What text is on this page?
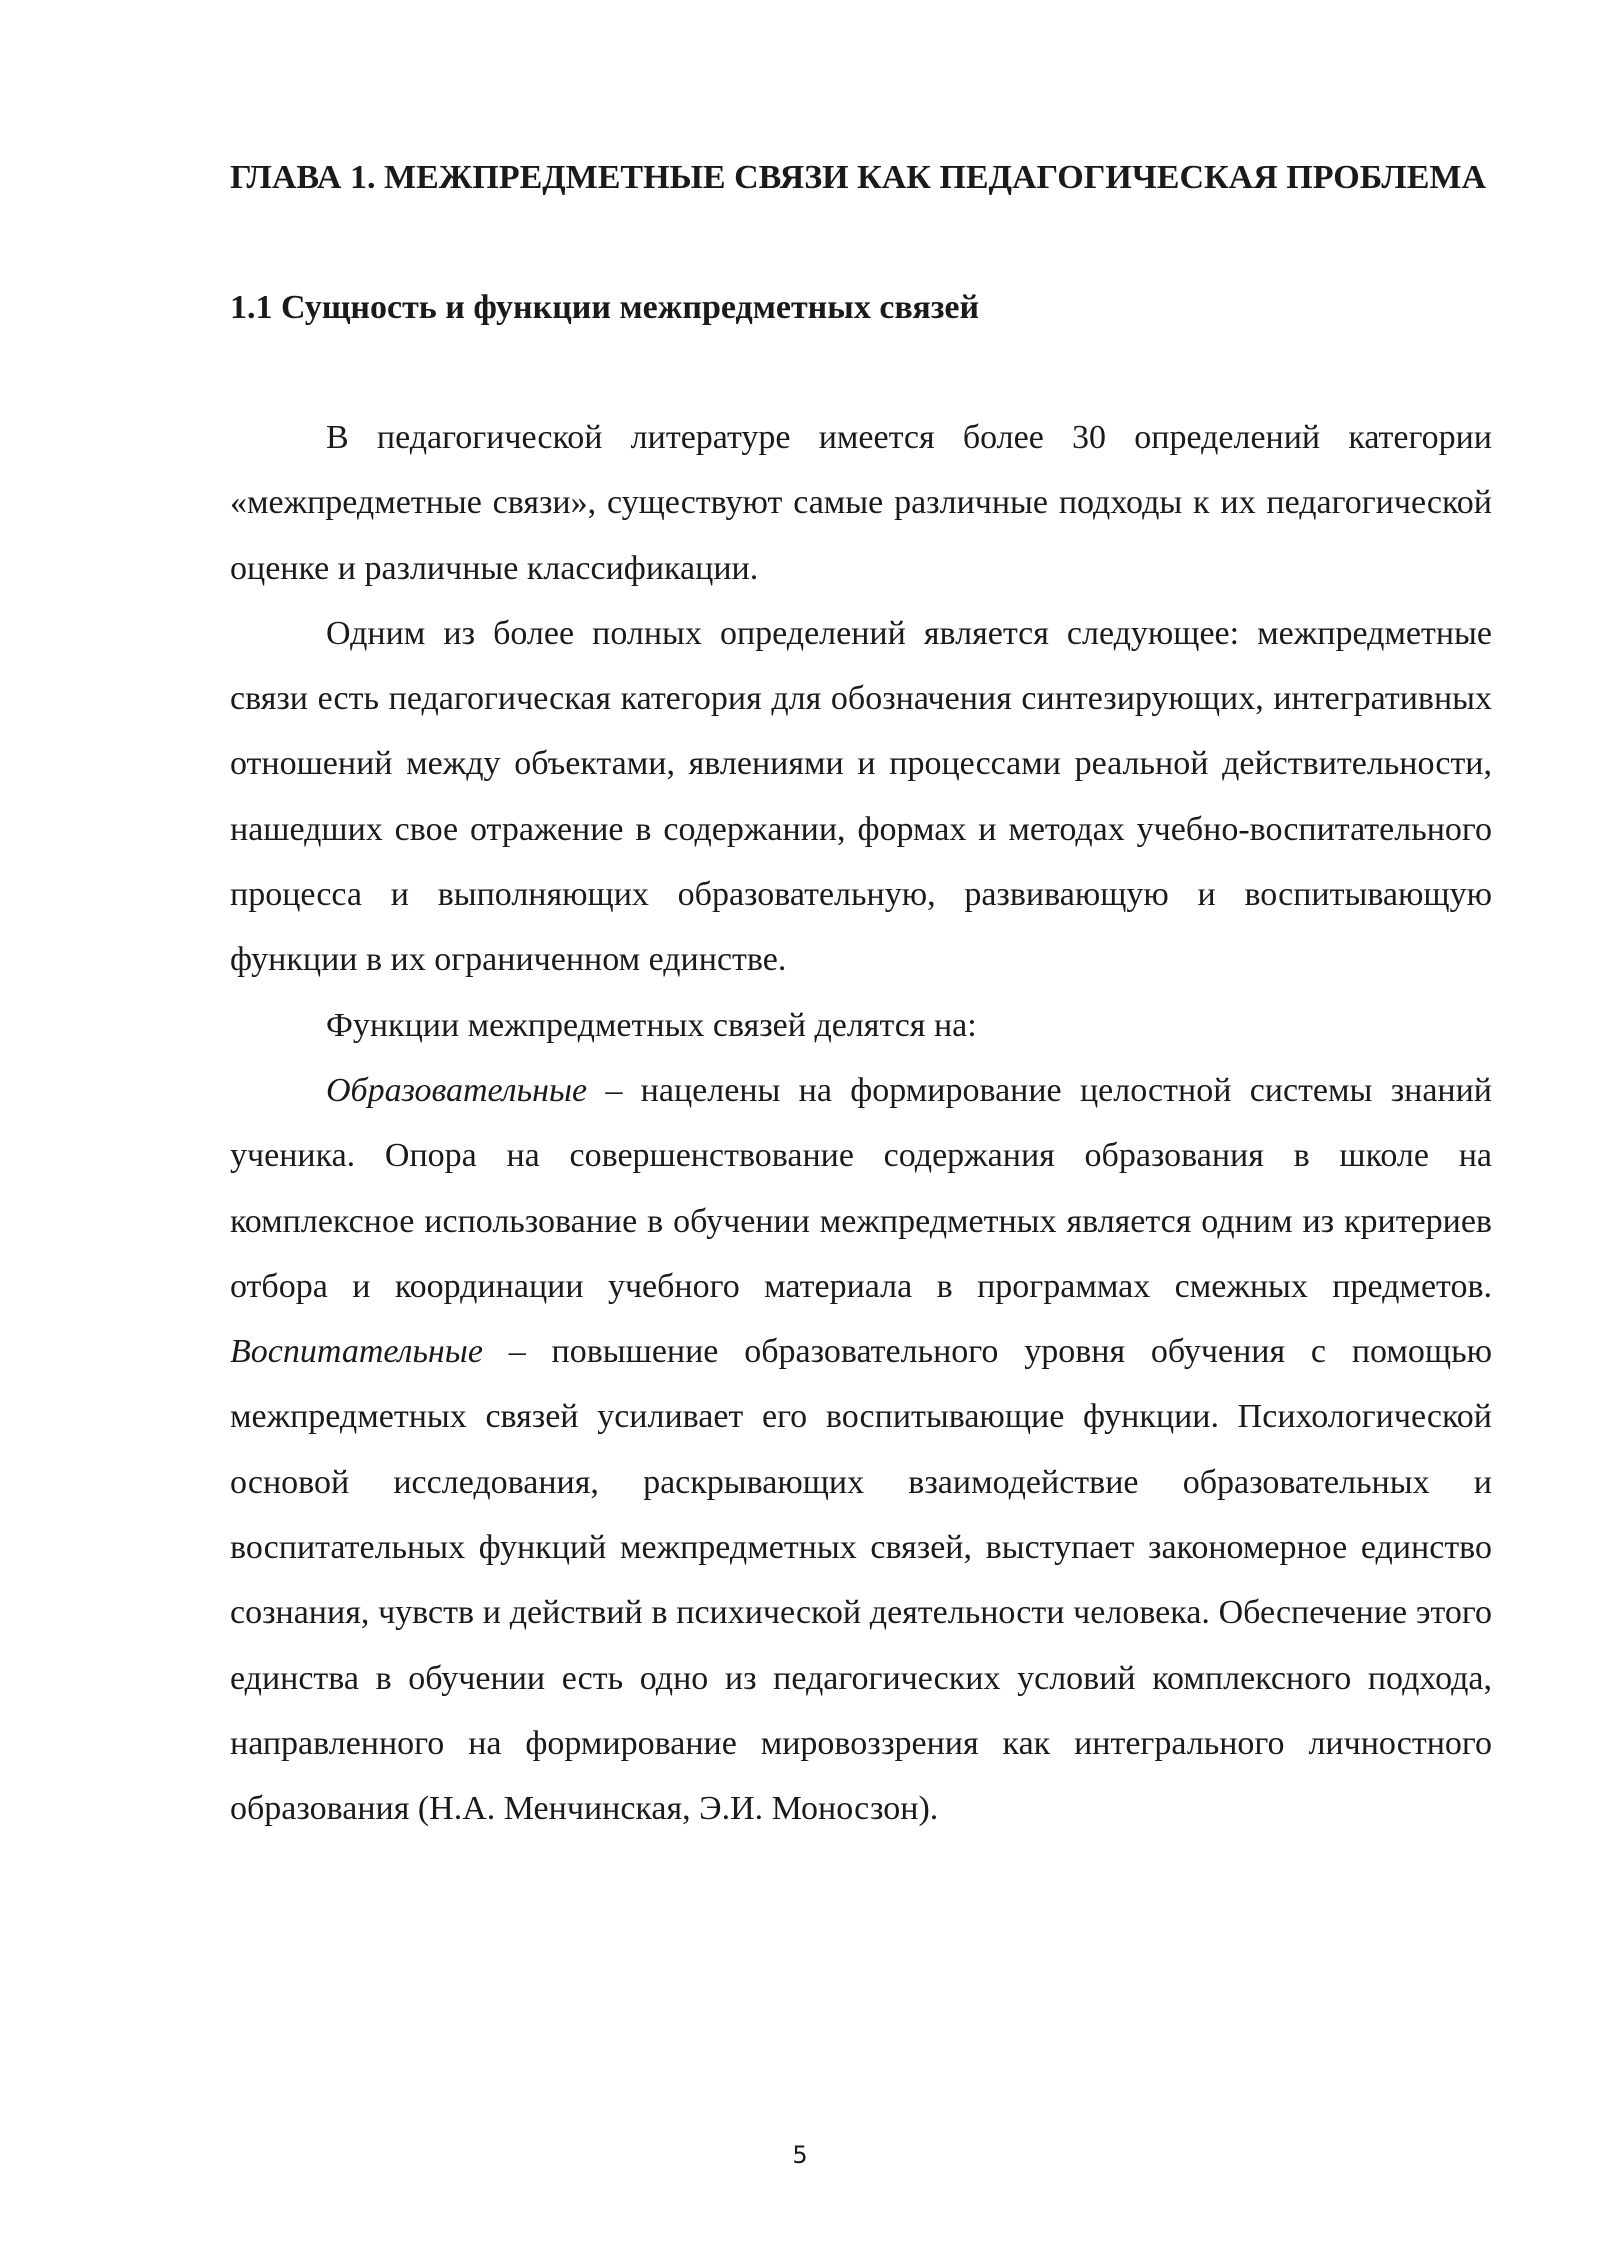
ГЛАВА 1. МЕЖПРЕДМЕТНЫЕ СВЯЗИ КАК ПЕДАГОГИЧЕСКАЯ ПРОБЛЕМА
1.1 Сущность и функции межпредметных связей

В педагогической литературе имеется более 30 определений категории «межпредметные связи», существуют самые различные подходы к их педагогической оценке и различные классификации.

Одним из более полных определений является следующее: межпредметные связи есть педагогическая категория для обозначения синтезирующих, интегративных отношений между объектами, явлениями и процессами реальной действительности, нашедших свое отражение в содержании, формах и методах учебно-воспитательного процесса и выполняющих образовательную, развивающую и воспитывающую функции в их ограниченном единстве.

Функции межпредметных связей делятся на:

Образовательные – нацелены на формирование целостной системы знаний ученика. Опора на совершенствование содержания образования в школе на комплексное использование в обучении межпредметных является одним из критериев отбора и координации учебного материала в программах смежных предметов. Воспитательные – повышение образовательного уровня обучения с помощью межпредметных связей усиливает его воспитывающие функции. Психологической основой исследования, раскрывающих взаимодействие образовательных и воспитательных функций межпредметных связей, выступает закономерное единство сознания, чувств и действий в психической деятельности человека. Обеспечение этого единства в обучении есть одно из педагогических условий комплексного подхода, направленного на формирование мировоззрения как интегрального личностного образования (Н.А. Менчинская, Э.И. Моносзон).

5
